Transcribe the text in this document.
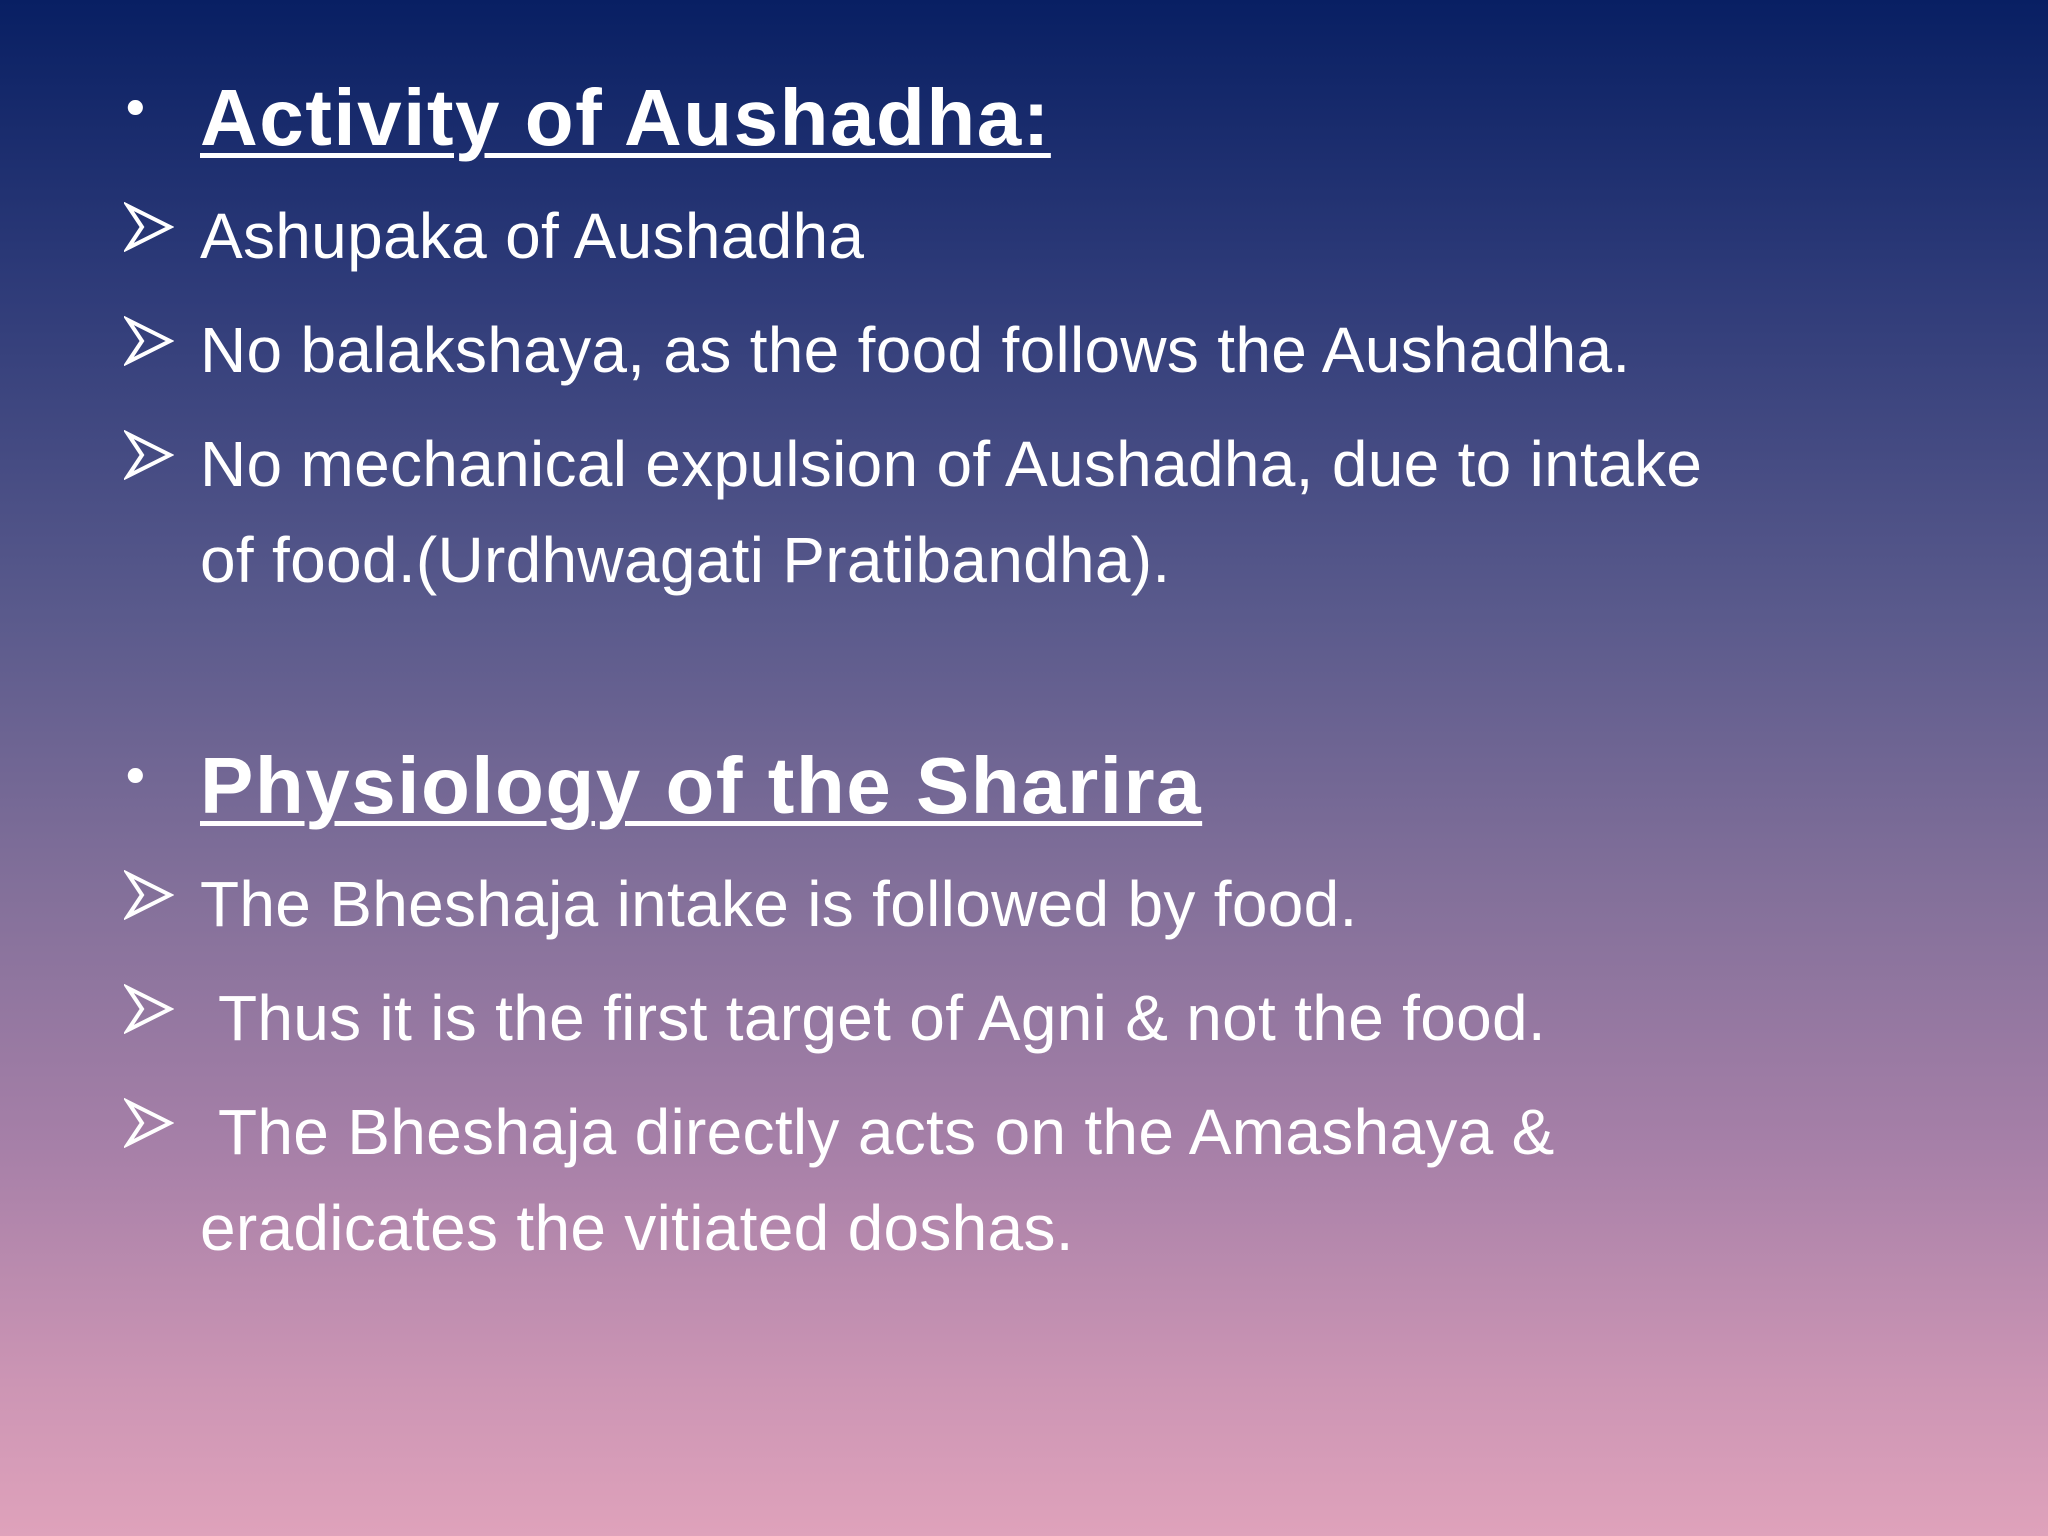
• Activity of Aushadha:
Ashupaka of Aushadha
No balakshaya, as the food follows the Aushadha.
No mechanical expulsion of Aushadha, due to intake
of food.(Urdhwagati Pratibandha).
• Physiology of the Sharira
The Bheshaja intake is followed by food.
Thus it is the first target of Agni & not the food.
The Bheshaja directly acts on the Amashaya &
eradicates the vitiated doshas.
